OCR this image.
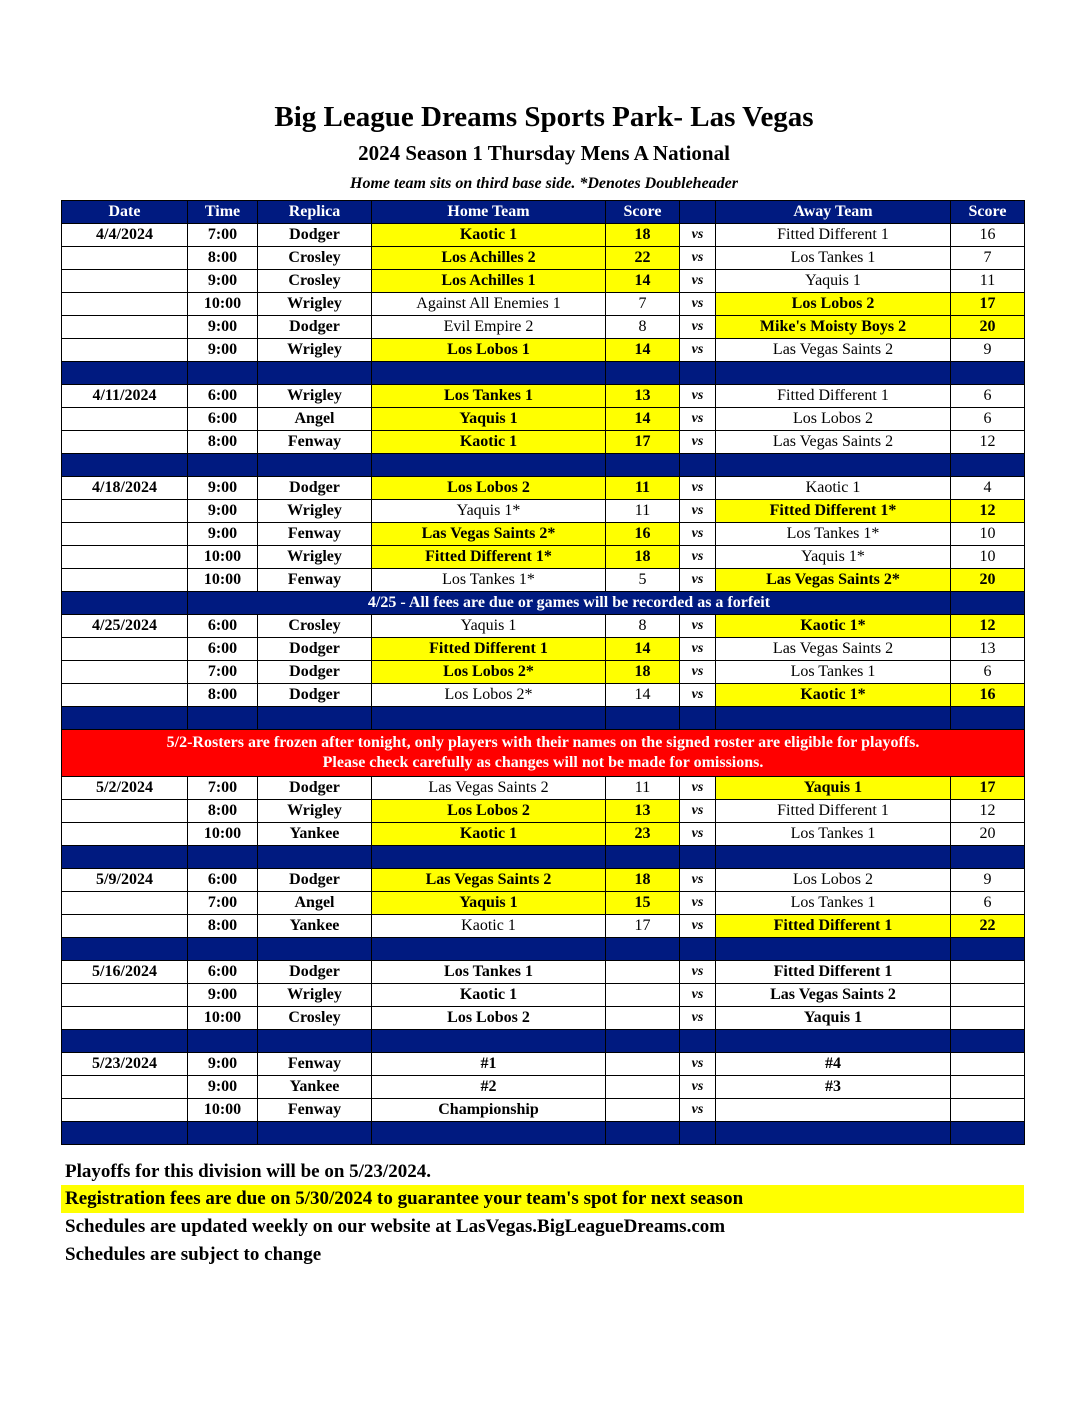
Big League Dreams Sports Park- Las Vegas
2024 Season 1 Thursday Mens A National
Home team sits on third base side. *Denotes Doubleheader
Date	Time	Replica	Home Team	Score		Away Team	Score
4/4/2024	7:00	Dodger	Kaotic 1	18	vs	Fitted Different 1	16
	8:00	Crosley	Los Achilles 2	22	vs	Los Tankes 1	7
	9:00	Crosley	Los Achilles 1	14	vs	Yaquis 1	11
	10:00	Wrigley	Against All Enemies 1	7	vs	Los Lobos 2	17
	9:00	Dodger	Evil Empire 2	8	vs	Mike's Moisty Boys 2	20
	9:00	Wrigley	Los Lobos 1	14	vs	Las Vegas Saints 2	9

4/11/2024	6:00	Wrigley	Los Tankes 1	13	vs	Fitted Different 1	6
	6:00	Angel	Yaquis 1	14	vs	Los Lobos 2	6
	8:00	Fenway	Kaotic 1	17	vs	Las Vegas Saints 2	12

4/18/2024	9:00	Dodger	Los Lobos 2	11	vs	Kaotic 1	4
	9:00	Wrigley	Yaquis 1*	11	vs	Fitted Different 1*	12
	9:00	Fenway	Las Vegas Saints 2*	16	vs	Los Tankes 1*	10
	10:00	Wrigley	Fitted Different 1*	18	vs	Yaquis 1*	10
	10:00	Fenway	Los Tankes 1*	5	vs	Las Vegas Saints 2*	20
	4/25 - All fees are due or games will be recorded as a forfeit						
4/25/2024	6:00	Crosley	Yaquis 1	8	vs	Kaotic 1*	12
	6:00	Dodger	Fitted Different 1	14	vs	Las Vegas Saints 2	13
	7:00	Dodger	Los Lobos 2*	18	vs	Los Tankes 1	6
	8:00	Dodger	Los Lobos 2*	14	vs	Kaotic 1*	16

5/2-Rosters are frozen after tonight, only players with their names on the signed roster are eligible for playoffs.
Please check carefully as changes will not be made for omissions.							

5/2/2024	7:00	Dodger	Las Vegas Saints 2	11	vs	Yaquis 1	17
	8:00	Wrigley	Los Lobos 2	13	vs	Fitted Different 1	12
	10:00	Yankee	Kaotic 1	23	vs	Los Tankes 1	20

5/9/2024	6:00	Dodger	Las Vegas Saints 2	18	vs	Los Lobos 2	9
	7:00	Angel	Yaquis 1	15	vs	Los Tankes 1	6
	8:00	Yankee	Kaotic 1	17	vs	Fitted Different 1	22

5/16/2024	6:00	Dodger	Los Tankes 1		vs	Fitted Different 1	
	9:00	Wrigley	Kaotic 1		vs	Las Vegas Saints 2	
	10:00	Crosley	Los Lobos 2		vs	Yaquis 1	

5/23/2024	9:00	Fenway	#1		vs	#4	
	9:00	Yankee	#2		vs	#3	
	10:00	Fenway	Championship		vs		

Playoffs for this division will be on 5/23/2024.
Registration fees are due on 5/30/2024 to guarantee your team's spot for next season
Schedules are updated weekly on our website at LasVegas.BigLeagueDreams.com
Schedules are subject to change
